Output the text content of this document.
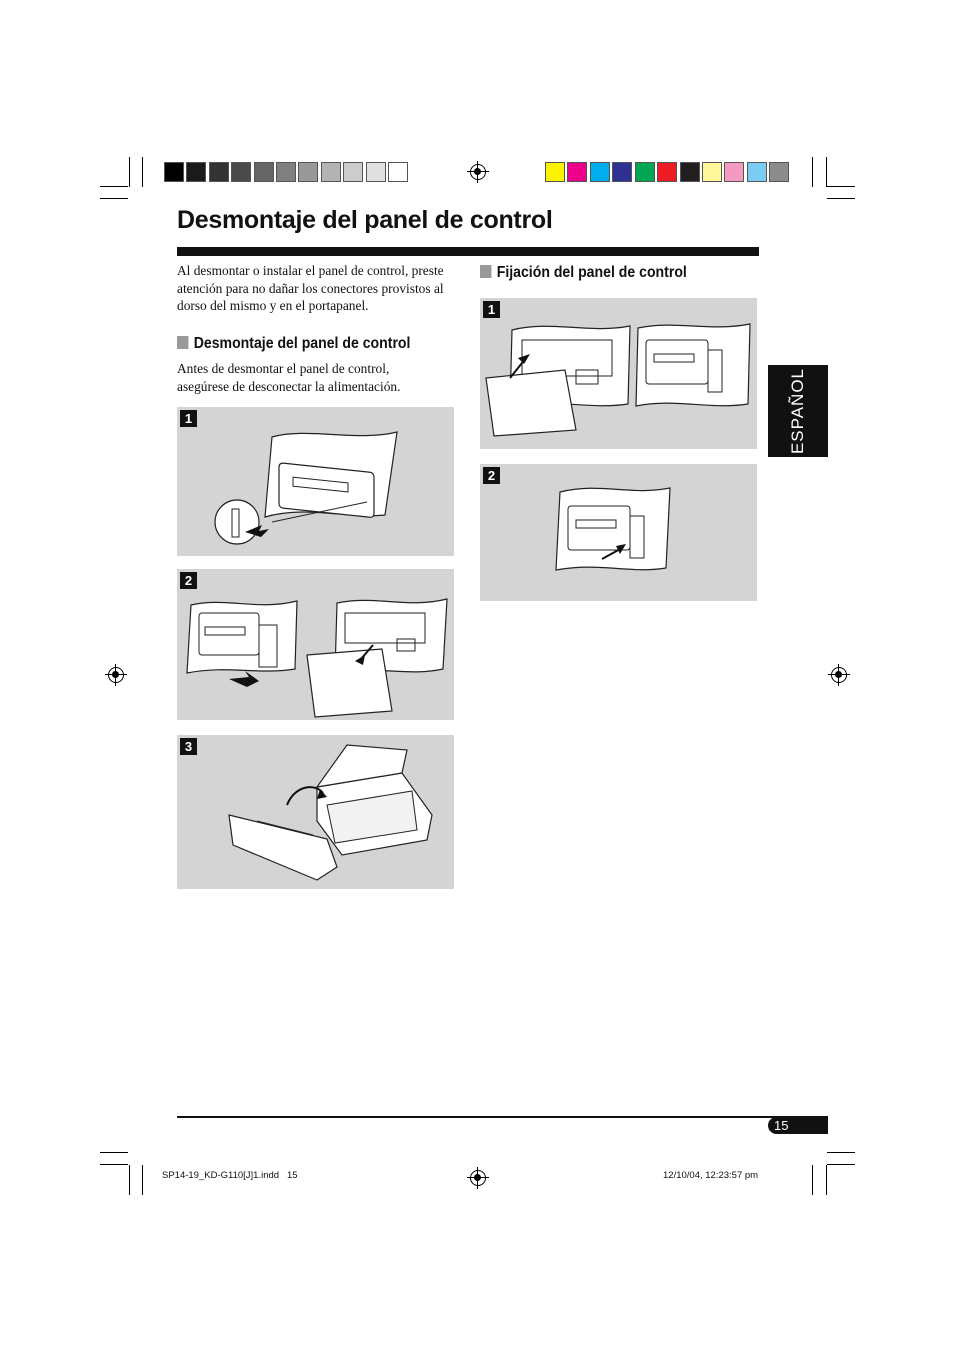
Desmontaje del panel de control

Al desmontar o instalar el panel de control, preste atención para no dañar los conectores provistos al dorso del mismo y en el portapanel.

Desmontaje del panel de control

Antes de desmontar el panel de control, asegúrese de desconectar la alimentación.

1
2
3
Fijación del panel de control
1
2
ESPAÑOL
15
SP14-19_KD-G110[J]1.indd   15	12/10/04, 12:23:57 pm
